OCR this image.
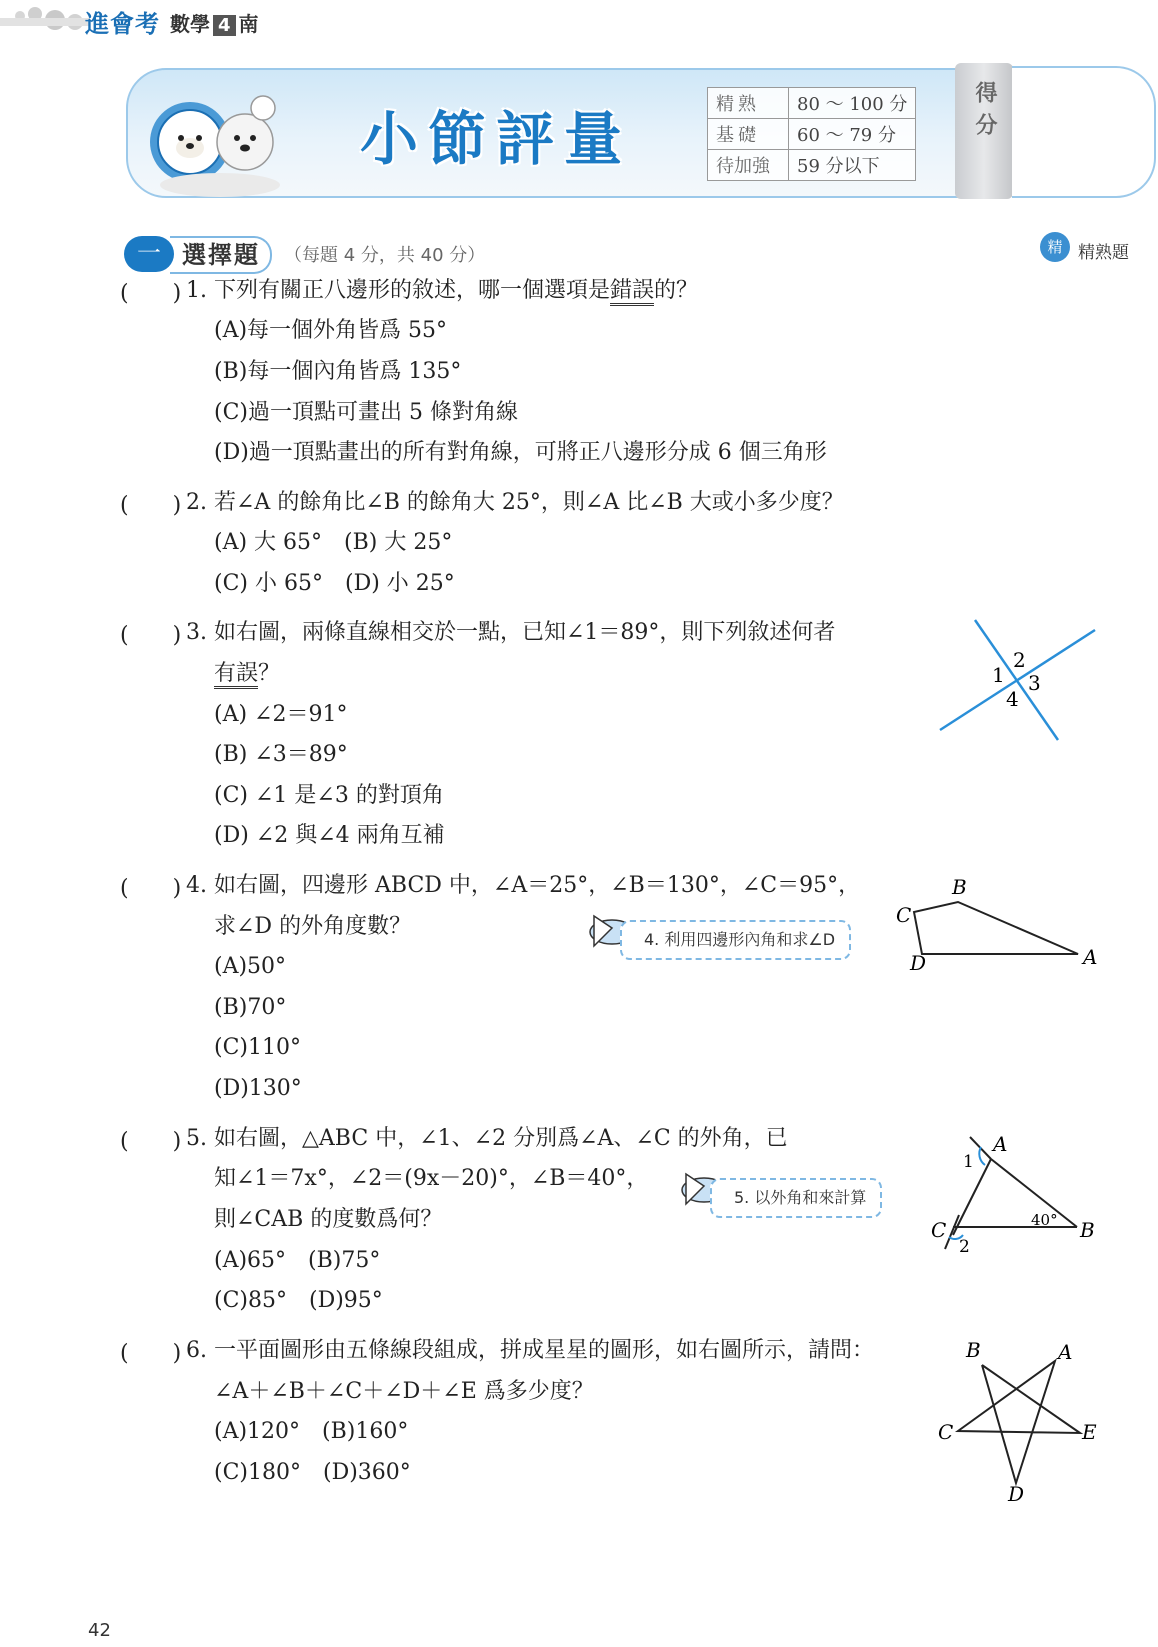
進會考 數學 4 南
小節評量
精熟	80 ～ 100 分
基礎	60 ～ 79 分
待加強	59 分以下
得分
一 選擇題	（每題 4 分，共 40 分）	精 精熟題
(　　) 1. 下列有關正八邊形的敘述，哪一個選項是錯誤的？
(A)每一個外角皆爲 55°
(B)每一個內角皆爲 135°
(C)過一頂點可畫出 5 條對角線
(D)過一頂點畫出的所有對角線，可將正八邊形分成 6 個三角形
(　　) 2. 若∠A 的餘角比∠B 的餘角大 25°，則∠A 比∠B 大或小多少度？
(A) 大 65°　(B) 大 25°
(C) 小 65°　(D) 小 25°
(　　) 3. 如右圖，兩條直線相交於一點，已知∠1＝89°，則下列敘述何者
有誤？
(A) ∠2＝91°
(B) ∠3＝89°
(C) ∠1 是∠3 的對頂角
(D) ∠2 與∠4 兩角互補
1
2
3
4
(　　) 4. 如右圖，四邊形 ABCD 中，∠A＝25°，∠B＝130°，∠C＝95°，
求∠D 的外角度數？
4. 利用四邊形內角和求∠D
B
C
D	A
(A)50°
(B)70°
(C)110°
(D)130°
(　　) 5. 如右圖，△ABC 中，∠1、∠2 分別爲∠A、∠C 的外角，已
知∠1＝7x°，∠2＝(9x－20)°，∠B＝40°，
則∠CAB 的度數爲何？
5. 以外角和來計算
A
B
C
1
2
40°
(A)65°　(B)75°
(C)85°　(D)95°
(　　) 6. 一平面圖形由五條線段組成，拼成星星的圖形，如右圖所示，請問：
∠A＋∠B＋∠C＋∠D＋∠E 爲多少度？
(A)120°　(B)160°
(C)180°　(D)360°
B	A
C	E
D
42
